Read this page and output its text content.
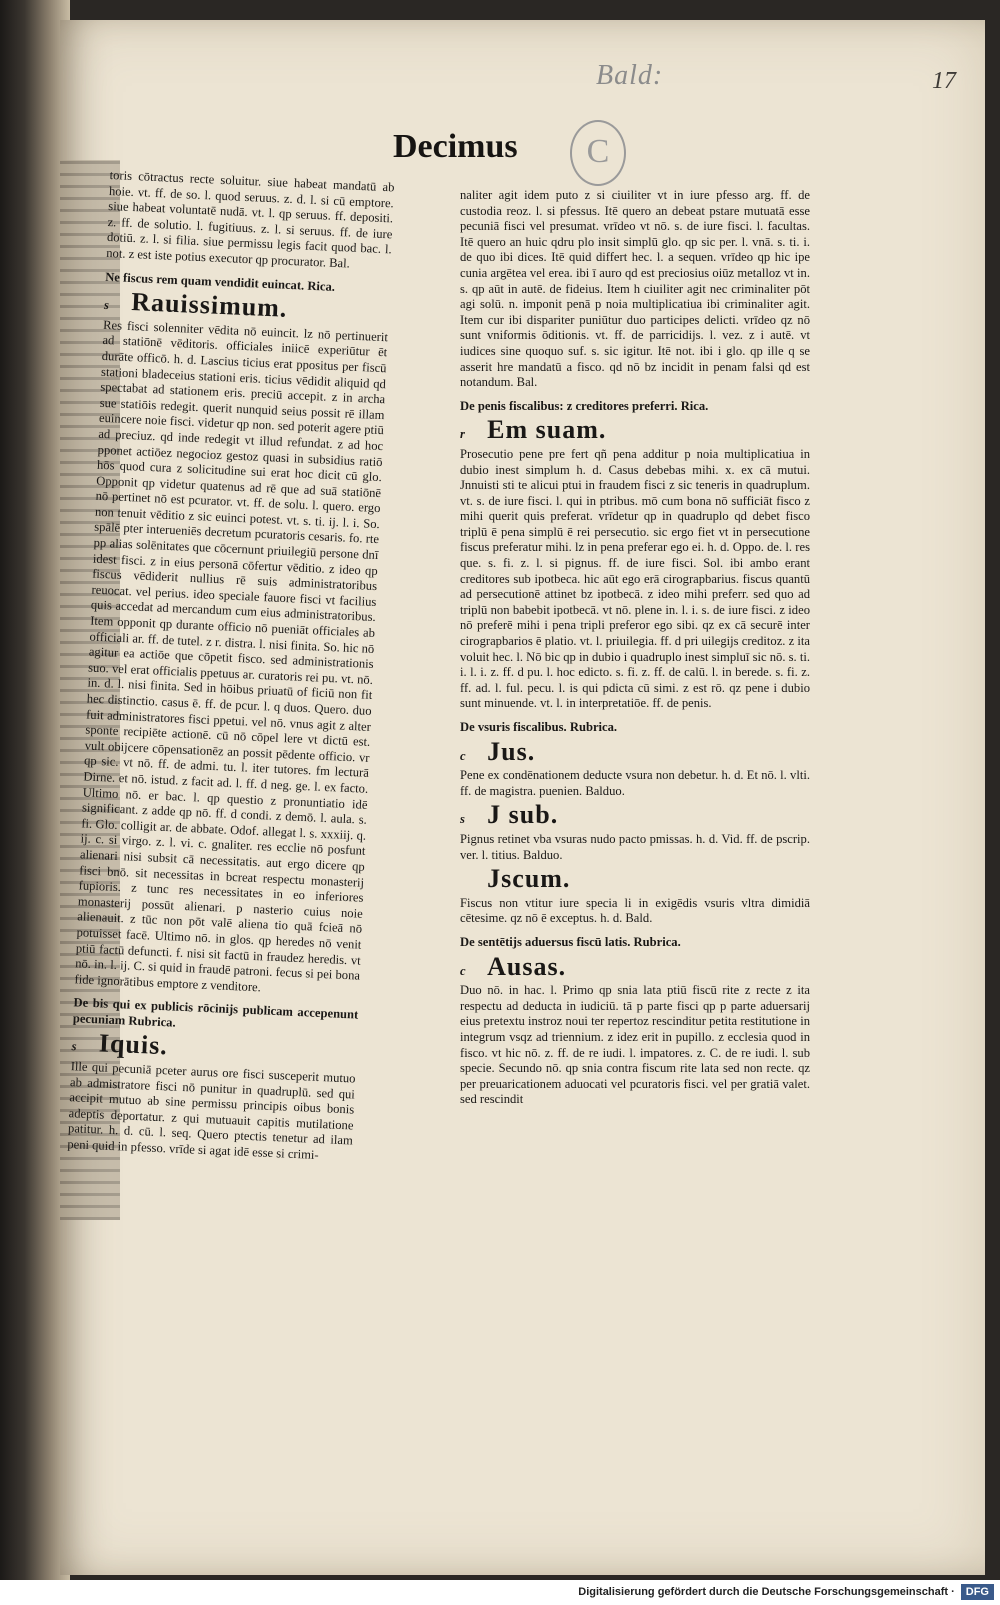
Bald:	17
Decimus	C

toris cōtractus recte soluitur. siue habeat mandatū ab hoie. vt. ff. de so. l. quod seruus. z. d. l. si cū emptore. siue habeat voluntatē nudā. vt. l. qp seruus. ff. depositi. z. ff. de solutio. l. fugitiuus. z. l. si seruus. ff. de iure dotiū. z. l. si filia. siue permissu legis facit quod bac. l. not. z est iste potius executor qp procurator. Bal.

Ne fiscus rem quam vendidit euincat. Rica.

s Rauissimum.

Res fisci solenniter vēdita nō euincit. lz nō pertinuerit ad statiōnē vēditoris. officiales iniicē experiūtur ēt durāte officō. h. d. Lascius ticius erat ppositus per fiscū stationi bladeceius stationi eris. ticius vēdidit aliquid qd spectabat ad stationem eris. preciū accepit. z in archa sue statiōis redegit. querit nunquid seius possit rē illam euincere noie fisci. videtur qp non. sed poterit agere ptiū ad preciuz. qd inde redegit vt illud refundat. z ad hoc pponet actiōez negocioz gestoz quasi in subsidius ratiō hōs quod cura z solicitudine sui erat hoc dicit cū glo. Opponit qp videtur quatenus ad rē que ad suā statiōnē nō pertinet nō est pcurator. vt. ff. de solu. l. quero. ergo non tenuit vēditio z sic euinci potest. vt. s. ti. ij. l. i. So. spālē pter interueniēs decretum pcuratoris cesaris. fo. rte pp alias solēnitates que cōcernunt priuilegiū persone dnī idest fisci. z in eius personā cōfertur vēditio. z ideo qp fiscus vēdiderit nullius rē suis administratoribus reuocat. vel perius. ideo speciale fauore fisci vt facilius quis accedat ad mercandum cum eius administratoribus. Item opponit qp durante officio nō pueniāt officiales ab officiali ar. ff. de tutel. z r. distra. l. nisi finita. So. hic nō agitur ea actiōe que cōpetit fisco. sed administrationis suo. vel erat officialis ppetuus ar. curatoris rei pu. vt. nō. in. d. l. nisi finita. Sed in hōibus priuatū of ficiū non fit hec distinctio. casus ē. ff. de pcur. l. q duos. Quero. duo fuit administratores fisci ppetui. vel nō. vnus agit z alter sponte recipiēte actionē. cū nō cōpel lere vt dictū est. vult obijcere cōpensationēz an possit pēdente officio. vr qp sic. vt nō. ff. de admi. tu. l. iter tutores. fm lecturā Dirne. et nō. istud. z facit ad. l. ff. d neg. ge. l. ex facto. Ultimo nō. er bac. l. qp questio z pronuntiatio idē significant. z adde qp nō. ff. d condi. z demō. l. aula. s. fi. Glo. colligit ar. de abbate. Odof. allegat l. s. xxxiij. q. ij. c. si virgo. z. l. vi. c. gnaliter. res ecclie nō posfunt alienari nisi subsit cā necessitatis. aut ergo dicere qp fisci bnō. sit necessitas in bcreat respectu monasterij fupioris. z tunc res necessitates in eo inferiores monasterij possūt alienari. p nasterio cuius noie alienauit. z tūc non pōt valē aliena tio quā fcieā nō potuisset facē. Ultimo nō. in glos. qp heredes nō venit ptiū factū defuncti. f. nisi sit factū in fraudez heredis. vt nō. in. l. ij. C. si quid in fraudē patroni. fecus si pei bona fide ignorātibus emptore z venditore.

De bis qui ex publicis rōcinijs publicam accepenunt pecuniam Rubrica.

s Iquis.

Ille qui pecuniā pceter aurus ore fisci susceperit mutuo ab admistratore fisci nō punitur in quadruplū. sed qui accipit mutuo ab sine permissu principis oibus bonis adeptis deportatur. z qui mutuauit capitis mutilatione patitur. h. d. cū. l. seq. Quero ptectis tenetur ad ilam peni quid in pfesso. vrīde si agat idē esse si crimi-

naliter agit idem puto z si ciuiliter vt in iure pfesso arg. ff. de custodia reoz. l. si pfessus. Itē quero an debeat pstare mutuatā esse pecuniā fisci vel presumat. vrīdeo vt nō. s. de iure fisci. l. facultas. Itē quero an huic qdru plo insit simplū glo. qp sic per. l. vnā. s. ti. i. de quo ibi dices. Itē quid differt hec. l. a sequen. vrīdeo qp hic ipe cunia argētea vel erea. ibi ī auro qd est preciosius oiūz metalloz vt in. s. qp aūt in autē. de fideius. Item h ciuiliter agit nec criminaliter pōt agi solū. n. imponit penā p noia multiplicatiua ibi criminaliter agit. Item cur ibi dispariter puniūtur duo participes delicti. vrīdeo qz nō sunt vniformis ōditionis. vt. ff. de parricidijs. l. vez. z i autē. vt iudices sine quoquo suf. s. sic igitur. Itē not. ibi i glo. qp ille q se asserit hre mandatū a fisco. qd nō bz incidit in penam falsi qd est notandum. Bal.

De penis fiscalibus: z creditores preferri. Rica.

r Em suam.

Prosecutio pene pre fert qñ pena additur p noia multiplicatiua in dubio inest simplum h. d. Casus debebas mihi. x. ex cā mutui. Jnnuisti sti te alicui ptui in fraudem fisci z sic teneris in quadruplum. vt. s. de iure fisci. l. qui in ptribus. mō cum bona nō sufficiāt fisco z mihi querit quis preferat. vrīdetur qp in quadruplo qd debet fisco triplū ē pena simplū ē rei persecutio. sic ergo fiet vt in persecutione fiscus preferatur mihi. lz in pena preferar ego ei. h. d. Oppo. de. l. res que. s. fi. z. l. si pignus. ff. de iure fisci. Sol. ibi ambo erant creditores sub ipotbeca. hic aūt ego erā cirograpbarius. fiscus quantū ad persecutionē attinet bz ipotbecā. z ideo mihi preferr. sed quo ad triplū non babebit ipotbecā. vt nō. plene in. l. i. s. de iure fisci. z ideo nō preferē mihi i pena tripli preferor ego sibi. qz ex cā securē inter cirograpbarios ē platio. vt. l. priuilegia. ff. d pri uilegijs creditoz. z ita voluit hec. l. Nō bic qp in dubio i quadruplo inest simpluī sic nō. s. ti. i. l. i. z. ff. d pu. l. hoc edicto. s. fi. z. ff. de calū. l. in berede. s. fi. z. ff. ad. l. ful. pecu. l. is qui pdicta cū simi. z est rō. qz pene i dubio sunt minuende. vt. l. in interpretatiōe. ff. de penis.

De vsuris fiscalibus. Rubrica.

c Jus.

Pene ex condēnationem deducte vsura non debetur. h. d. Et nō. l. vlti. ff. de magistra. puenien. Balduo.

s J sub.

Pignus retinet vba vsuras nudo pacto pmissas. h. d. Vid. ff. de pscrip. ver. l. titius. Balduo.

Jscum.

Fiscus non vtitur iure specia li in exigēdis vsuris vltra dimidiā cētesime. qz nō ē exceptus. h. d. Bald.

De sentētijs aduersus fiscū latis. Rubrica.

c Ausas.

Duo nō. in hac. l. Primo qp snia lata ptiū fiscū rite z recte z ita respectu ad deducta in iudiciū. tā p parte fisci qp p parte aduersarij eius pretextu instroz noui ter repertoz rescinditur petita restitutione in integrum vsqz ad triennium. z idez erit in pupillo. z ecclesia quod in fisco. vt hic nō. z. ff. de re iudi. l. impatores. z. C. de re iudi. l. sub specie. Secundo nō. qp snia contra fiscum rite lata sed non recte. qz per preuaricationem aduocati vel pcuratoris fisci. vel per gratiā valet. sed rescindit

Digitalisierung gefördert durch die Deutsche Forschungsgemeinschaft · DFG
